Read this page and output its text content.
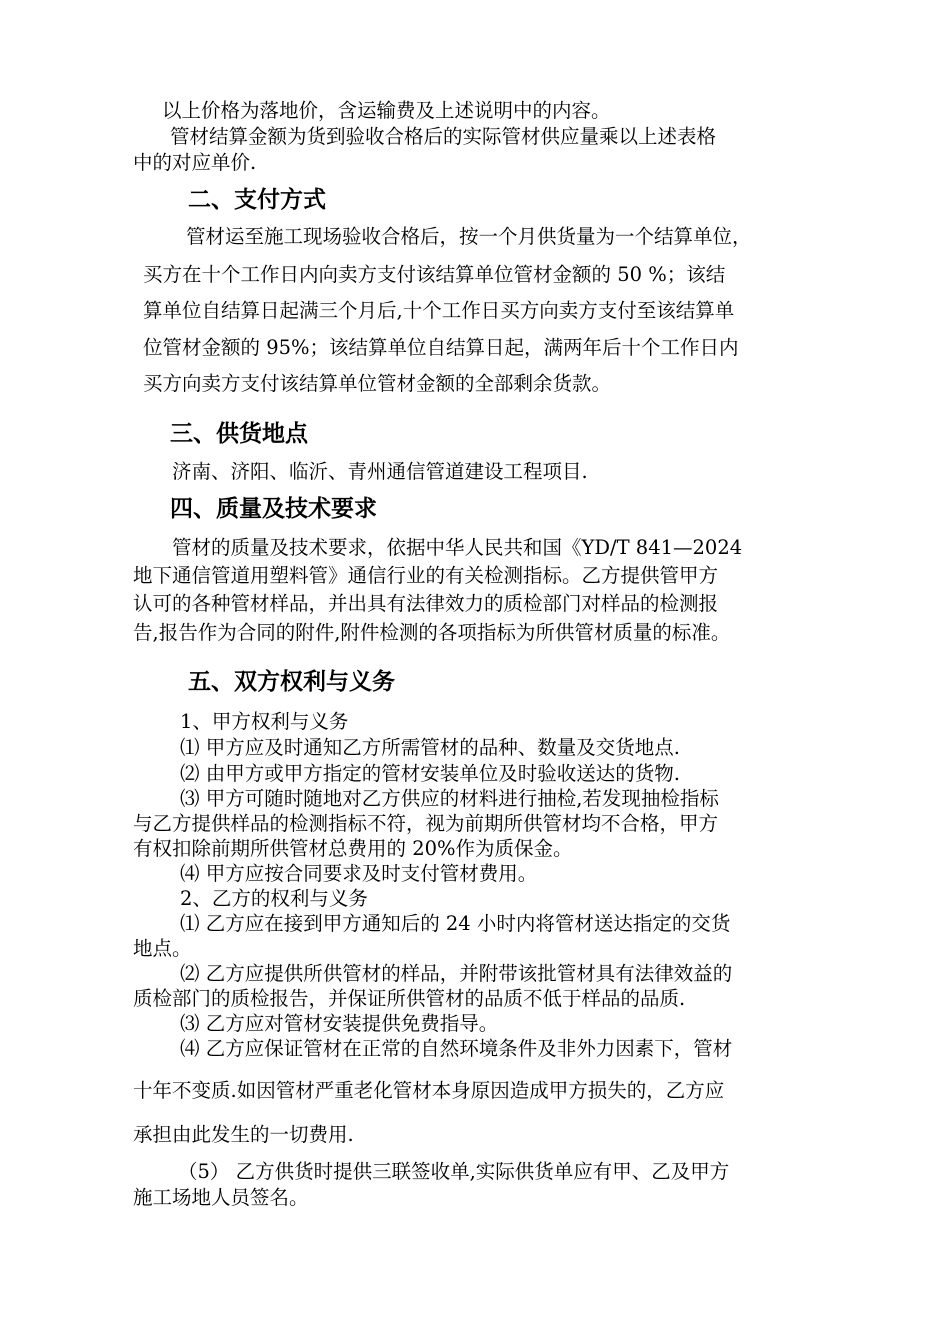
以上价格为落地价，含运输费及上述说明中的内容。
管材结算金额为货到验收合格后的实际管材供应量乘以上述表格
中的对应单价.
二、支付方式
管材运至施工现场验收合格后，按一个月供货量为一个结算单位，
买方在十个工作日内向卖方支付该结算单位管材金额的 50 %；该结
算单位自结算日起满三个月后,十个工作日买方向卖方支付至该结算单
位管材金额的 95%；该结算单位自结算日起，满两年后十个工作日内
买方向卖方支付该结算单位管材金额的全部剩余货款。
三、供货地点
济南、济阳、临沂、青州通信管道建设工程项目.
四、质量及技术要求
管材的质量及技术要求，依据中华人民共和国《YD/T 841—2024
地下通信管道用塑料管》通信行业的有关检测指标。乙方提供管甲方
认可的各种管材样品，并出具有法律效力的质检部门对样品的检测报
告,报告作为合同的附件,附件检测的各项指标为所供管材质量的标准。
五、双方权利与义务
1、甲方权利与义务
⑴ 甲方应及时通知乙方所需管材的品种、数量及交货地点.
⑵ 由甲方或甲方指定的管材安装单位及时验收送达的货物.
⑶ 甲方可随时随地对乙方供应的材料进行抽检,若发现抽检指标
与乙方提供样品的检测指标不符，视为前期所供管材均不合格，甲方
有权扣除前期所供管材总费用的 20%作为质保金。
⑷ 甲方应按合同要求及时支付管材费用。
2、乙方的权利与义务
⑴ 乙方应在接到甲方通知后的 24 小时内将管材送达指定的交货
地点。
⑵ 乙方应提供所供管材的样品，并附带该批管材具有法律效益的
质检部门的质检报告，并保证所供管材的品质不低于样品的品质.
⑶ 乙方应对管材安装提供免费指导。
⑷ 乙方应保证管材在正常的自然环境条件及非外力因素下，管材
十年不变质.如因管材严重老化管材本身原因造成甲方损失的，乙方应
承担由此发生的一切费用.
（5） 乙方供货时提供三联签收单,实际供货单应有甲、乙及甲方
施工场地人员签名。
